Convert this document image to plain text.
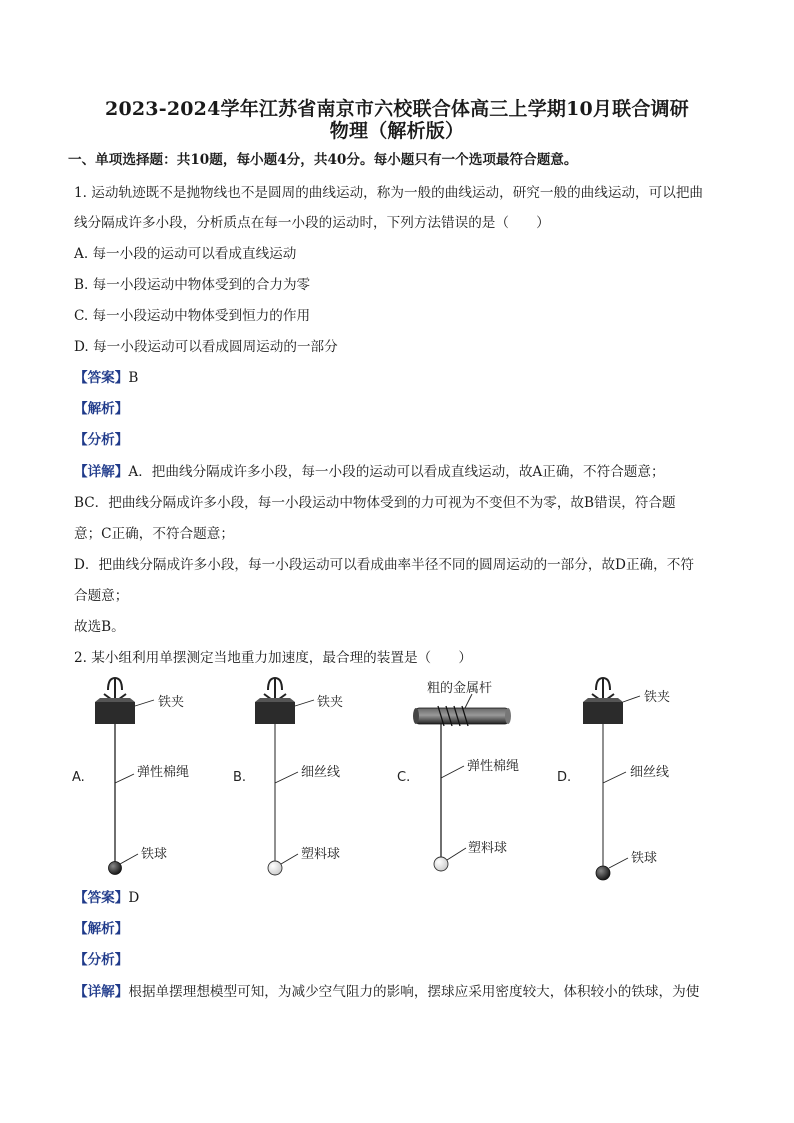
2023-2024学年江苏省南京市六校联合体高三上学期10月联合调研
物理（解析版）
一、单项选择题：共10题，每小题4分，共40分。每小题只有一个选项最符合题意。
1. 运动轨迹既不是抛物线也不是圆周的曲线运动，称为一般的曲线运动，研究一般的曲线运动，可以把曲
线分隔成许多小段，分析质点在每一小段的运动时，下列方法错误的是（　　）
A. 每一小段的运动可以看成直线运动
B. 每一小段运动中物体受到的合力为零
C. 每一小段运动中物体受到恒力的作用
D. 每一小段运动可以看成圆周运动的一部分
【答案】B
【解析】
【分析】
【详解】A．把曲线分隔成许多小段，每一小段的运动可以看成直线运动，故A正确，不符合题意；
BC．把曲线分隔成许多小段，每一小段运动中物体受到的力可视为不变但不为零，故B错误，符合题
意；C正确，不符合题意；
D．把曲线分隔成许多小段，每一小段运动可以看成曲率半径不同的圆周运动的一部分，故D正确，不符
合题意；
故选B。
2. 某小组利用单摆测定当地重力加速度，最合理的装置是（　　）
铁夹
弹性棉绳
铁球
A.
铁夹
细丝线
塑料球
B.
粗的金属杆
弹性棉绳
塑料球
C.
铁夹
细丝线
铁球
D.
【答案】D
【解析】
【分析】
【详解】根据单摆理想模型可知，为减少空气阻力的影响，摆球应采用密度较大，体积较小的铁球，为使
